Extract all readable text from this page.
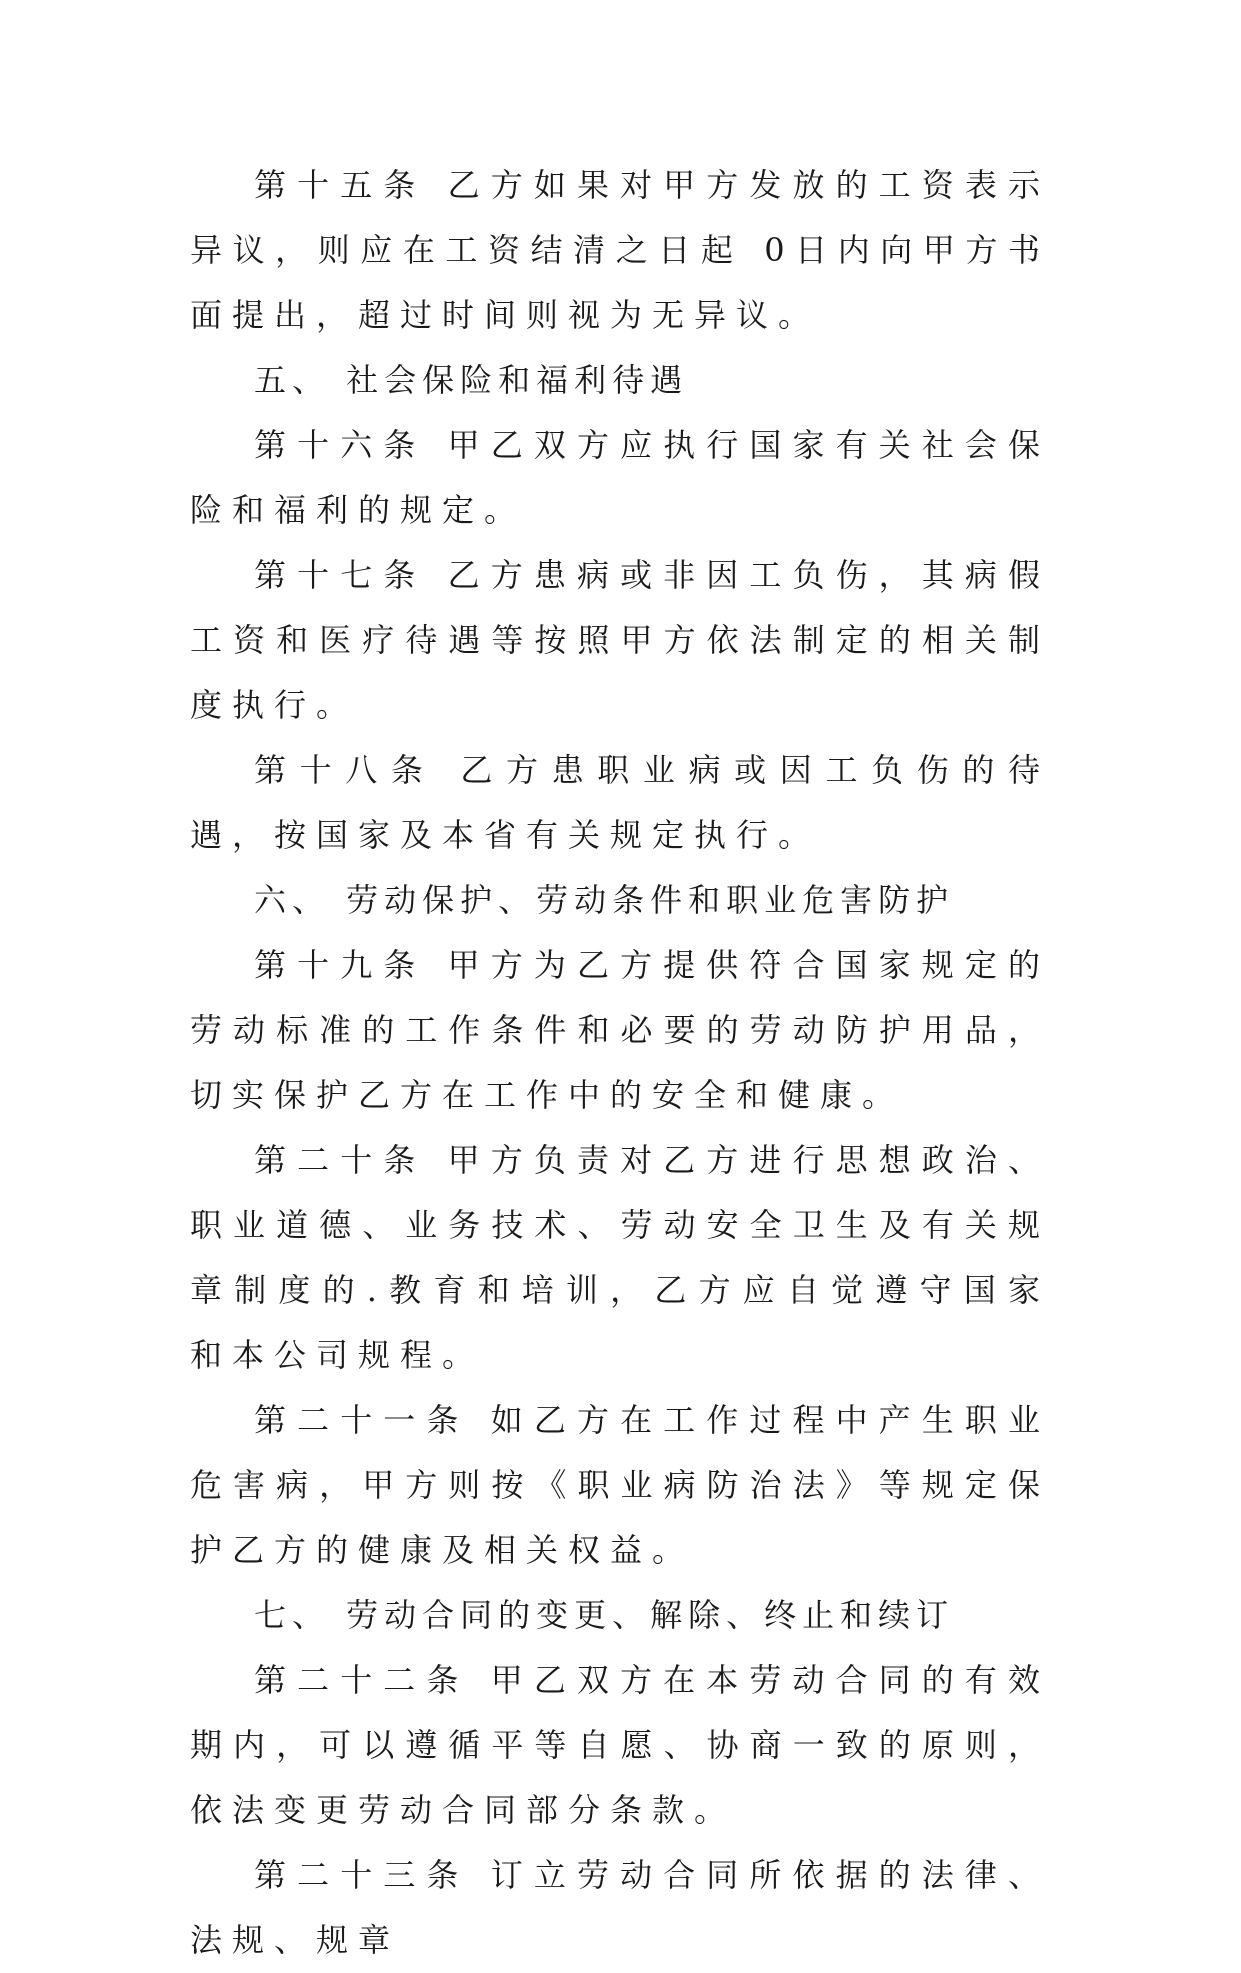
第十五条 乙方如果对甲方发放的工资表示异议，则应在工资结清之日起 0日内向甲方书面提出，超过时间则视为无异议。

五、 社会保险和福利待遇

第十六条 甲乙双方应执行国家有关社会保险和福利的规定。

第十七条 乙方患病或非因工负伤，其病假工资和医疗待遇等按照甲方依法制定的相关制度执行。

第十八条 乙方患职业病或因工负伤的待遇，按国家及本省有关规定执行。

六、 劳动保护、劳动条件和职业危害防护

第十九条 甲方为乙方提供符合国家规定的劳动标准的工作条件和必要的劳动防护用品，切实保护乙方在工作中的安全和健康。

第二十条 甲方负责对乙方进行思想政治、职业道德、业务技术、劳动安全卫生及有关规章制度的.教育和培训，乙方应自觉遵守国家和本公司规程。

第二十一条 如乙方在工作过程中产生职业危害病，甲方则按《职业病防治法》等规定保护乙方的健康及相关权益。

七、 劳动合同的变更、解除、终止和续订

第二十二条 甲乙双方在本劳动合同的有效期内，可以遵循平等自愿、协商一致的原则，依法变更劳动合同部分条款。

第二十三条 订立劳动合同所依据的法律、法规、规章
